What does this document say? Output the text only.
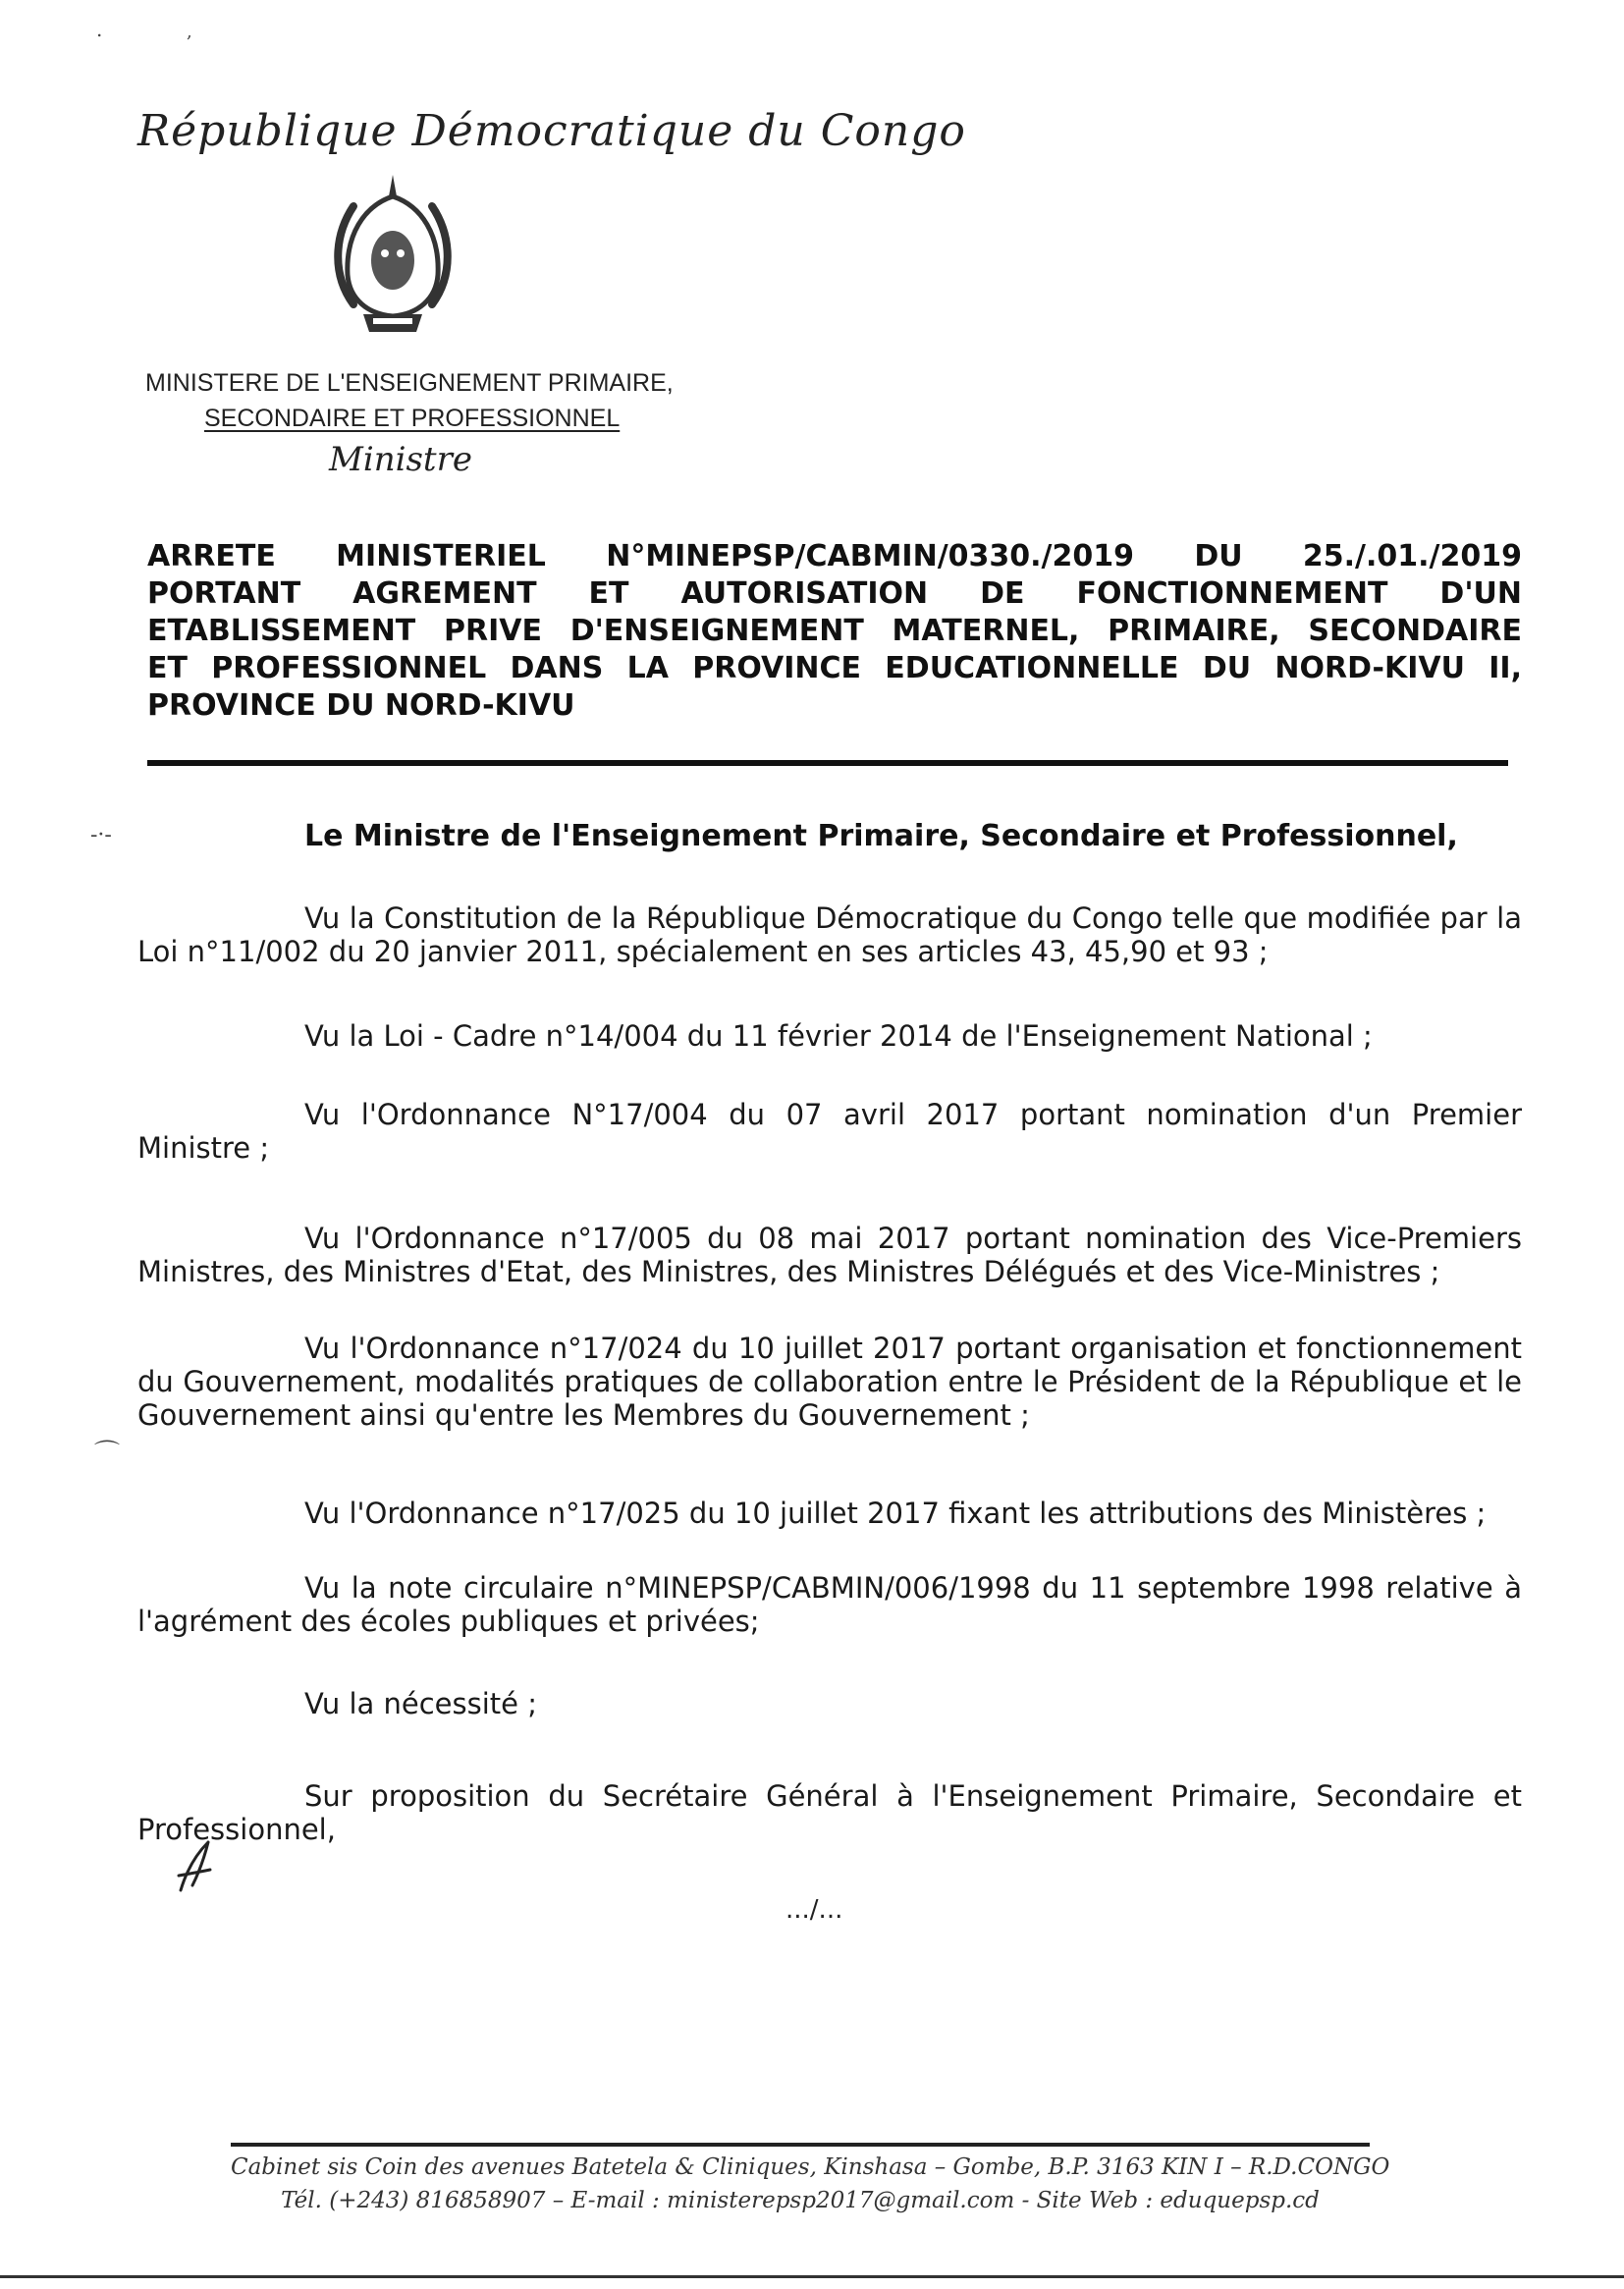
.	,
République Démocratique du Congo
MINISTERE DE L'ENSEIGNEMENT PRIMAIRE,
SECONDAIRE ET PROFESSIONNEL
Ministre
ARRETE MINISTERIEL N°MINEPSP/CABMIN/0330./2019 DU 25./.01./2019
PORTANT AGREMENT ET AUTORISATION DE FONCTIONNEMENT D'UN
ETABLISSEMENT PRIVE D'ENSEIGNEMENT MATERNEL, PRIMAIRE, SECONDAIRE
ET PROFESSIONNEL DANS LA PROVINCE EDUCATIONNELLE DU NORD-KIVU II,
PROVINCE DU NORD-KIVU
-·-
⌒
Le Ministre de l'Enseignement Primaire, Secondaire et Professionnel,
Vu la Constitution de la République Démocratique du Congo telle que modifiée par la Loi n°11/002 du 20 janvier 2011, spécialement en ses articles 43, 45,90 et 93 ;
Vu la Loi - Cadre n°14/004 du 11 février 2014 de l'Enseignement National ;
Vu l'Ordonnance N°17/004 du 07 avril 2017 portant nomination d'un Premier Ministre ;
Vu l'Ordonnance n°17/005 du 08 mai 2017 portant nomination des Vice-Premiers Ministres, des Ministres d'Etat, des Ministres, des Ministres Délégués et des Vice-Ministres ;
Vu l'Ordonnance n°17/024 du 10 juillet 2017 portant organisation et fonctionnement du Gouvernement, modalités pratiques de collaboration entre le Président de la République et le Gouvernement ainsi qu'entre les Membres du Gouvernement ;
Vu l'Ordonnance n°17/025 du 10 juillet 2017 fixant les attributions des Ministères ;
Vu la note circulaire n°MINEPSP/CABMIN/006/1998 du 11 septembre 1998 relative à l'agrément des écoles publiques et privées;
Vu la nécessité ;
Sur proposition du Secrétaire Général à l'Enseignement Primaire, Secondaire et Professionnel,
.../...
Cabinet sis Coin des avenues Batetela & Cliniques, Kinshasa – Gombe, B.P. 3163 KIN I – R.D.CONGO
Tél. (+243) 816858907 – E-mail : ministerepsp2017@gmail.com - Site Web : eduquepsp.cd
